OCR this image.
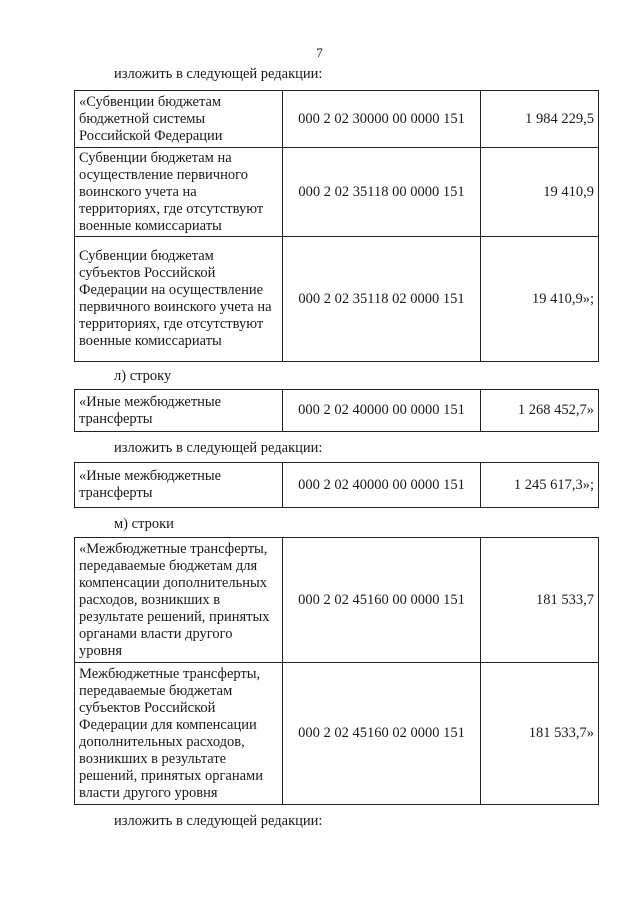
7
изложить в следующей редакции:
«Субвенции бюджетам бюджетной системы Российской Федерации	000 2 02 30000 00 0000 151	1 984 229,5
Субвенции бюджетам на осуществление первичного воинского учета на территориях, где отсутствуют военные комиссариаты	000 2 02 35118 00 0000 151	19 410,9
Субвенции бюджетам субъектов Российской Федерации на осуществление первичного воинского учета на территориях, где отсутствуют военные комиссариаты	000 2 02 35118 02 0000 151	19 410,9»;
л) строку
«Иные межбюджетные трансферты	000 2 02 40000 00 0000 151	1 268 452,7»
изложить в следующей редакции:
«Иные межбюджетные трансферты	000 2 02 40000 00 0000 151	1 245 617,3»;
м) строки
«Межбюджетные трансферты, передаваемые бюджетам для компенсации дополнительных расходов, возникших в результате решений, принятых органами власти другого уровня	000 2 02 45160 00 0000 151	181 533,7
Межбюджетные трансферты, передаваемые бюджетам субъектов Российской Федерации для компенсации дополнительных расходов, возникших в результате решений, принятых органами власти другого уровня	000 2 02 45160 02 0000 151	181 533,7»
изложить в следующей редакции:
